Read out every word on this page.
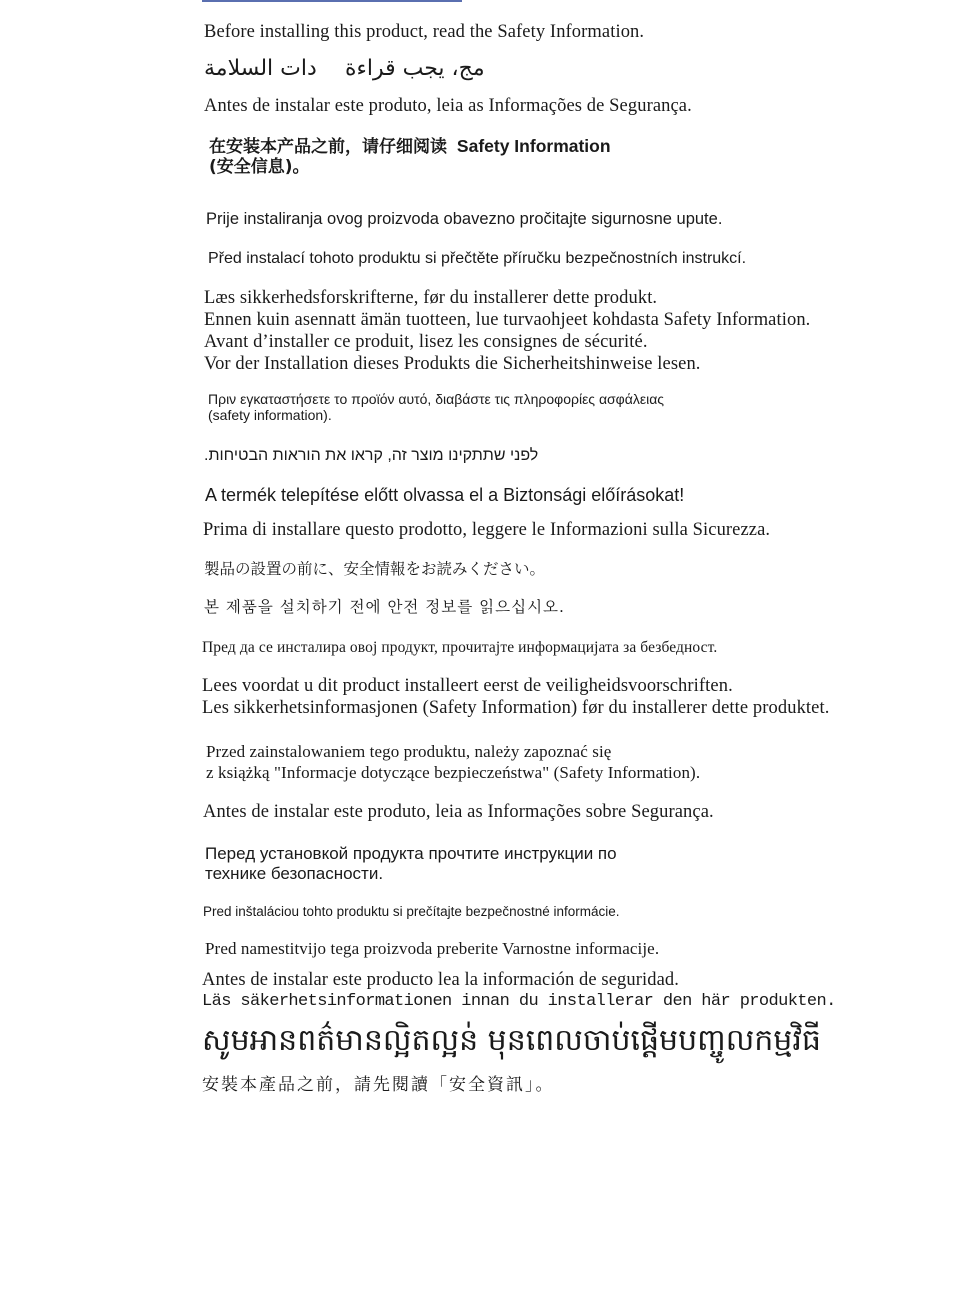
Before installing this product, read the Safety Information.
مج، يجب قراءة
دات السلامة
Antes de instalar este produto, leia as Informações de Segurança.
在安装本产品之前，请仔细阅读 Safety Information
(安全信息)。
Prije instaliranja ovog proizvoda obavezno pročitajte sigurnosne upute.
Před instalací tohoto produktu si přečtěte příručku bezpečnostních instrukcí.
Læs sikkerhedsforskrifterne, før du installerer dette produkt.
Ennen kuin asennatt ämän tuotteen, lue turvaohjeet kohdasta Safety Information.
Avant d’installer ce produit, lisez les consignes de sécurité.
Vor der Installation dieses Produkts die Sicherheitshinweise lesen.
Πριν εγκαταστήσετε το προϊόν αυτό, διαβάστε τις πληροφορίες ασφάλειας
(safety information).
לפני שתתקינו מוצר זה, קראו את הוראות הבטיחות.
A termék telepítése előtt olvassa el a Biztonsági előírásokat!
Prima di installare questo prodotto, leggere le Informazioni sulla Sicurezza.
製品の設置の前に、安全情報をお読みください。
본 제품을 설치하기 전에 안전 정보를 읽으십시오.
Пред да се инсталира овој продукт, прочитајте информацијата за безбедност.
Lees voordat u dit product installeert eerst de veiligheidsvoorschriften.
Les sikkerhetsinformasjonen (Safety Information) før du installerer dette produktet.
Przed zainstalowaniem tego produktu, należy zapoznać się
z książką "Informacje dotyczące bezpieczeństwa" (Safety Information).
Antes de instalar este produto, leia as Informações sobre Segurança.
Перед установкой продукта прочтите инструкции по
технике безопасности.
Pred inštaláciou tohto produktu si prečítajte bezpečnostné informácie.
Pred namestitvijo tega proizvoda preberite Varnostne informacije.
Antes de instalar este producto lea la información de seguridad.
Läs säkerhetsinformationen innan du installerar den här produkten.
សូមអានពត៌មានល្អិតល្អន់ មុនពេលចាប់ផ្តើមបញ្ចូលកម្មវិធី
安裝本產品之前，請先閱讀「安全資訊」。
